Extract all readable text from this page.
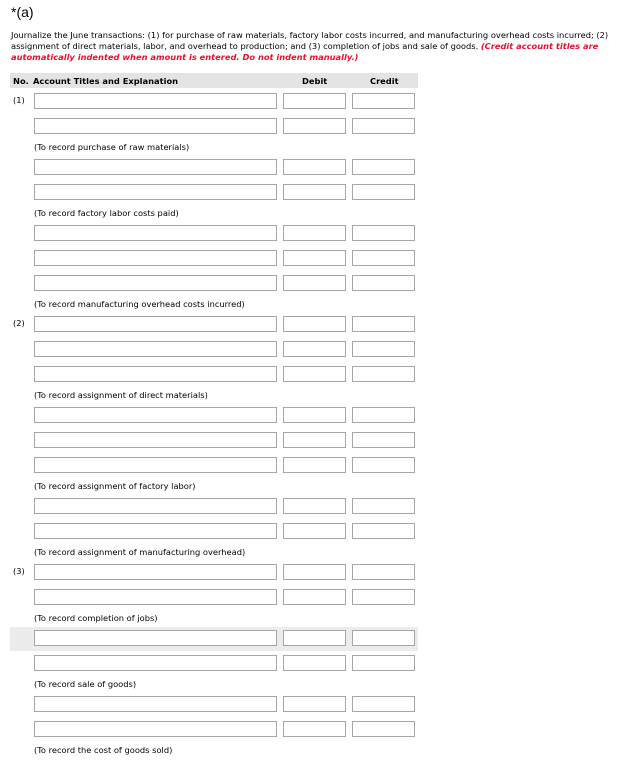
*(a)
Journalize the June transactions: (1) for purchase of raw materials, factory labor costs incurred, and manufacturing overhead costs incurred; (2) assignment of direct materials, labor, and overhead to production; and (3) completion of jobs and sale of goods. (Credit account titles are automatically indented when amount is entered. Do not indent manually.)
No. Account Titles and Explanation	Debit	Credit
(1)
(To record purchase of raw materials)
(To record factory labor costs paid)
(To record manufacturing overhead costs incurred)
(2)
(To record assignment of direct materials)
(To record assignment of factory labor)
(To record assignment of manufacturing overhead)
(3)
(To record completion of jobs)
(To record sale of goods)
(To record the cost of goods sold)
